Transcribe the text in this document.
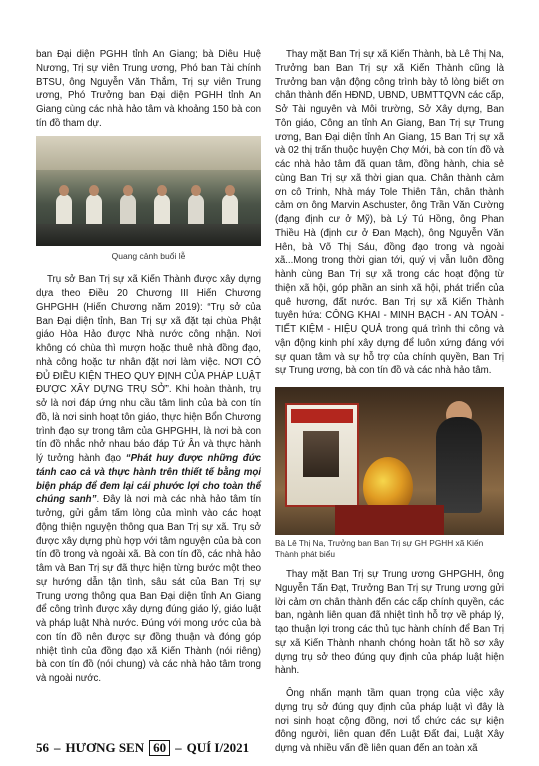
ban Đại diện PGHH tỉnh An Giang; bà Diêu Huệ Nương, Trị sự viên Trung ương, Phó ban Tài chính BTSU, ông Nguyễn Văn Thắm, Trị sự viên Trung ương, Phó Trưởng ban Đại diện PGHH tỉnh An Giang cùng các nhà hảo tâm và khoảng 150 bà con tín đồ tham dự.

Quang cảnh buổi lễ

Trụ sở Ban Trị sự xã Kiến Thành được xây dựng dựa theo Điều 20 Chương III Hiến Chương GHPGHH (Hiến Chương năm 2019): “Trụ sở của Ban Đại diện tỉnh, Ban Trị sự xã đặt tại chùa Phật giáo Hòa Hảo được Nhà nước công nhận. Nơi không có chùa thì mượn hoặc thuê nhà đồng đạo, nhà công hoặc tư nhân đặt nơi làm việc. NƠI CÓ ĐỦ ĐIỀU KIỆN THEO QUY ĐỊNH CỦA PHÁP LUẬT ĐƯỢC XÂY DỰNG TRỤ SỞ”. Khi hoàn thành, trụ sở là nơi đáp ứng nhu cầu tâm linh của bà con tín đồ, là nơi sinh hoạt tôn giáo, thực hiện Bổn Chương trình đạo sự trong tâm của GHPGHH, là nơi bà con tín đồ nhắc nhở nhau báo đáp Tứ Ân và thực hành lý tưởng hành đạo “Phát huy được những đức tánh cao cả và thực hành trên thiết tế bằng mọi biện pháp để đem lại cái phước lợi cho toàn thể chúng sanh”. Đây là nơi mà các nhà hảo tâm tín tưởng, gửi gắm tấm lòng của mình vào các hoạt động thiện nguyện thông qua Ban Trị sự xã. Trụ sở được xây dựng phù hợp với tâm nguyện của bà con tín đồ trong và ngoài xã. Bà con tín đồ, các nhà hảo tâm và Ban Trị sự đã thực hiện từng bước một theo sự hướng dẫn tận tình, sâu sát của Ban Trị sự Trung ương thông qua Ban Đại diện tỉnh An Giang để công trình được xây dựng đúng giáo lý, giáo luật và pháp luật Nhà nước. Đúng với mong ước của bà con tín đồ nên được sự đồng thuận và đóng góp nhiệt tình của đồng đạo xã Kiến Thành (nói riêng) bà con tín đồ (nói chung) và các nhà hảo tâm trong và ngoài nước.

Thay mặt Ban Trị sự xã Kiến Thành, bà Lê Thị Na, Trưởng ban Ban Trị sự xã Kiến Thành cũng là Trưởng ban vận động công trình bày tỏ lòng biết ơn chân thành đến HĐND, UBND, UBMTTQVN các cấp, Sở Tài nguyên và Môi trường, Sở Xây dựng, Ban Tôn giáo, Công an tỉnh An Giang, Ban Trị sự Trung ương, Ban Đại diện tỉnh An Giang, 15 Ban Trị sự xã và 02 thị trấn thuộc huyện Chợ Mới, bà con tín đồ và các nhà hảo tâm đã quan tâm, đồng hành, chia sẻ cùng Ban Trị sự xã thời gian qua. Chân thành cảm ơn cô Trinh, Nhà máy Tole Thiên Tân, chân thành cảm ơn ông Marvin Aschuster, ông Trần Văn Cường (đạng định cư ở Mỹ), bà Lý Tú Hồng, ông Phan Thiều Hà (định cư ở Đan Mạch), ông Nguyễn Văn Hên, bà Võ Thị Sáu, đồng đạo trong và ngoài xã...Mong trong thời gian tới, quý vị vẫn luôn đồng hành cùng Ban Trị sự xã trong các hoạt động từ thiện xã hội, góp phần an sinh xã hội, phát triển của quê hương, đất nước. Ban Trị sự xã Kiến Thành tuyên hứa: CÔNG KHAI - MINH BẠCH - AN TOÀN - TIẾT KIỆM - HIỆU QUẢ trong quá trình thi công và vận động kinh phí xây dựng để luôn xứng đáng với sự quan tâm và sự hỗ trợ của chính quyền, Ban Trị sự Trung ương, bà con tín đồ và các nhà hảo tâm.

Bà Lê Thị Na, Trưởng ban Ban Trị sự GH PGHH xã Kiến Thành phát biểu

Thay mặt Ban Trị sự Trung ương GHPGHH, ông Nguyễn Tấn Đạt, Trưởng Ban Trị sự Trung ương gửi lời cảm ơn chân thành đến các cấp chính quyền, các ban, ngành liên quan đã nhiệt tình hỗ trợ về pháp lý, tạo thuận lợi trong các thủ tục hành chính để Ban Trị sự xã Kiến Thành nhanh chóng hoàn tất hồ sơ xây dựng trụ sở theo đúng quy định của pháp luật hiện hành.

Ông nhấn mạnh tầm quan trọng của việc xây dựng trụ sở đúng quy định của pháp luật vì đây là nơi sinh hoạt cộng đồng, nơi tổ chức các sự kiện đông người, liên quan đến Luật Đất đai, Luật Xây dựng và nhiều vấn đề liên quan đến an toàn xã

56 – HƯƠNG SEN 60 – QUÍ I/2021
